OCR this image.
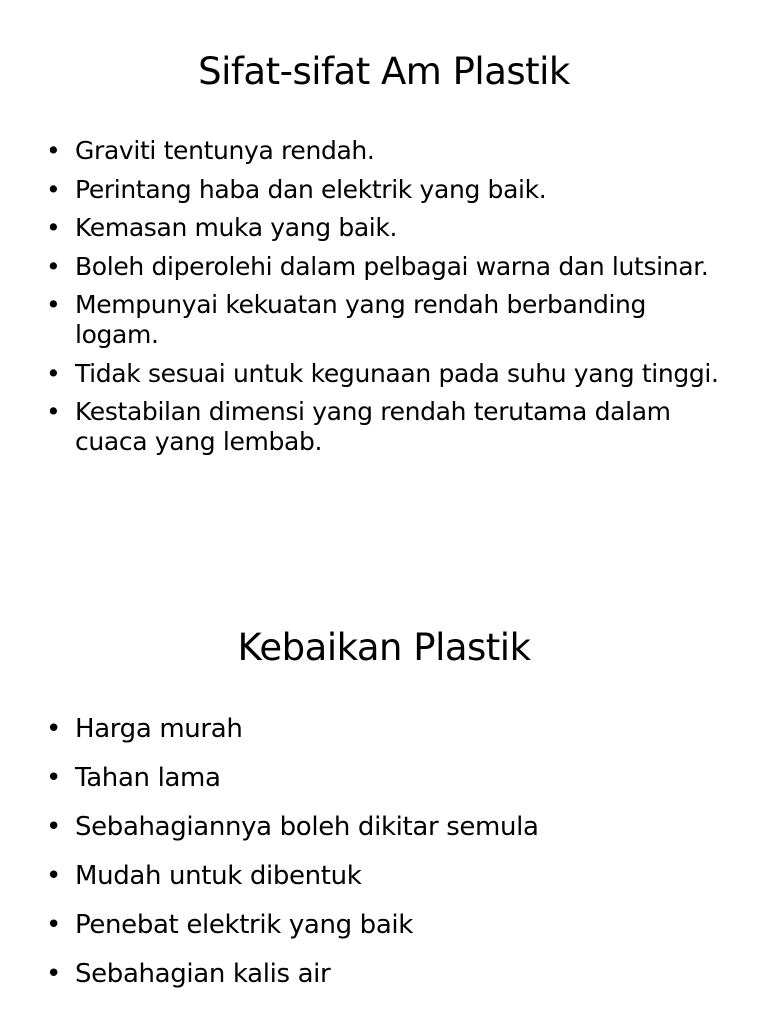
Sifat-sifat Am Plastik
• Graviti tentunya rendah.
• Perintang haba dan elektrik yang baik.
• Kemasan muka yang baik.
• Boleh diperolehi dalam pelbagai warna dan lutsinar.
• Mempunyai kekuatan yang rendah berbanding logam.
• Tidak sesuai untuk kegunaan pada suhu yang tinggi.
• Kestabilan dimensi yang rendah terutama dalam cuaca yang lembab.
Kebaikan Plastik
• Harga murah
• Tahan lama
• Sebahagiannya boleh dikitar semula
• Mudah untuk dibentuk
• Penebat elektrik yang baik
• Sebahagian kalis air
